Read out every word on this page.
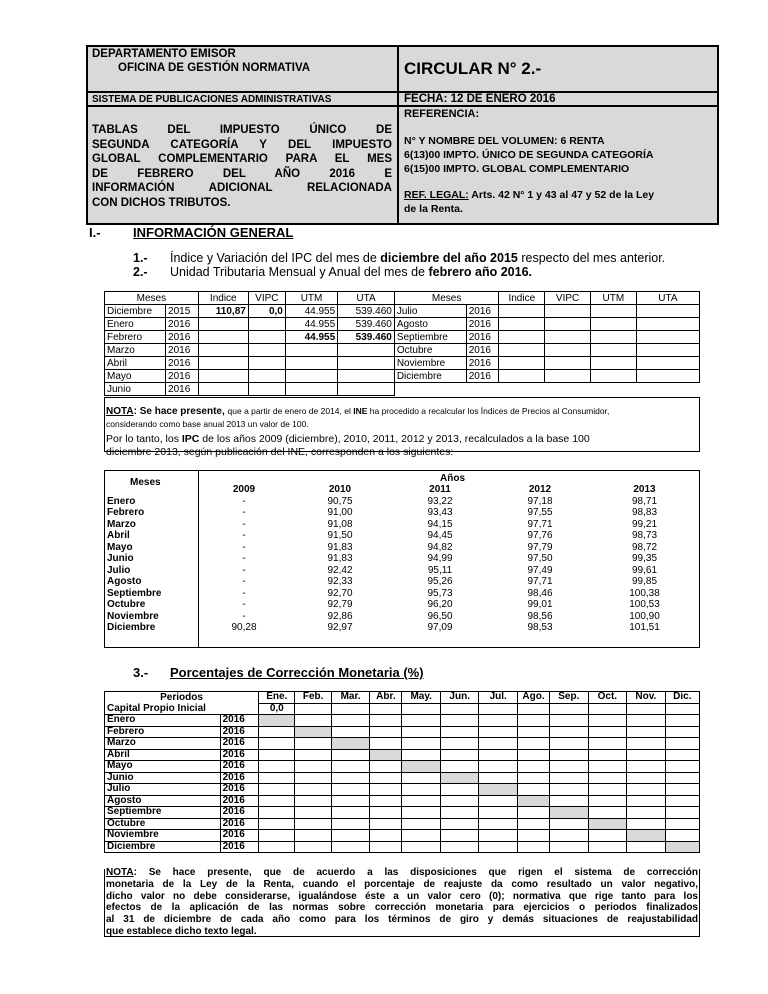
DEPARTAMENTO EMISOR
OFICINA DE GESTIÓN NORMATIVA	CIRCULAR N° 2.-
SISTEMA DE PUBLICACIONES ADMINISTRATIVAS	FECHA: 12 DE ENERO 2016
TABLAS DEL IMPUESTO ÚNICO DE
SEGUNDA CATEGORÍA Y DEL IMPUESTO
GLOBAL COMPLEMENTARIO PARA EL MES
DE FEBRERO DEL AÑO 2016 E
INFORMACIÓN ADICIONAL RELACIONADA
CON DICHOS TRIBUTOS.
REFERENCIA:
N° Y NOMBRE DEL VOLUMEN: 6 RENTA
6(13)00 IMPTO. ÚNICO DE SEGUNDA CATEGORÍA
6(15)00 IMPTO. GLOBAL COMPLEMENTARIO
REF. LEGAL: Arts. 42 N° 1 y 43 al 47 y 52 de la Ley
de la Renta.
I.- INFORMACIÓN GENERAL
1.- Índice y Variación del IPC del mes de diciembre del año 2015 respecto del mes anterior.
2.- Unidad Tributaria Mensual y Anual del mes de febrero año 2016.
Meses		Indice	VIPC	UTM	UTA	Meses		Indice	VIPC	UTM	UTA
Diciembre	2015	110,87	0,0	44.955	539.460	Julio	2016				
Enero	2016			44.955	539.460	Agosto	2016				
Febrero	2016			44.955	539.460	Septiembre	2016				
Marzo	2016					Octubre	2016				
Abril	2016					Noviembre	2016				
Mayo	2016					Diciembre	2016				
Junio	2016										
NOTA: Se hace presente, que a partir de enero de 2014, el INE ha procedido a recalcular los Índices de Precios al Consumidor,
considerando como base anual 2013 un valor de 100.
Por lo tanto, los IPC de los años 2009 (diciembre), 2010, 2011, 2012 y 2013, recalculados a la base 100
diciembre 2013, según publicación del INE, corresponden a los siguientes:
Meses	Años
	2009	2010	2011	2012	2013
Enero	-	90,75	93,22	97,18	98,71
Febrero	-	91,00	93,43	97,55	98,83
Marzo	-	91,08	94,15	97,71	99,21
Abril	-	91,50	94,45	97,76	98,73
Mayo	-	91,83	94,82	97,79	98,72
Junio	-	91,83	94,99	97,50	99,35
Julio	-	92,42	95,11	97,49	99,61
Agosto	-	92,33	95,26	97,71	99,85
Septiembre	-	92,70	95,73	98,46	100,38
Octubre	-	92,79	96,20	99,01	100,53
Noviembre	-	92,86	96,50	98,56	100,90
Diciembre	90,28	92,97	97,09	98,53	101,51
3.- Porcentajes de Corrección Monetaria (%)
Periodos		Ene.	Feb.	Mar.	Abr.	May.	Jun.	Jul.	Ago.	Sep.	Oct.	Nov.	Dic.
Capital Propio Inicial		0,0											
Enero	2016												
Febrero	2016												
Marzo	2016												
Abril	2016												
Mayo	2016												
Junio	2016												
Julio	2016												
Agosto	2016												
Septiembre	2016												
Octubre	2016												
Noviembre	2016												
Diciembre	2016												
NOTA: Se hace presente, que de acuerdo a las disposiciones que rigen el sistema de corrección
monetaria de la Ley de la Renta, cuando el porcentaje de reajuste da como resultado un valor negativo,
dicho valor no debe considerarse, igualándose éste a un valor cero (0); normativa que rige tanto para los
efectos de la aplicación de las normas sobre corrección monetaria para ejercicios o periodos finalizados
al 31 de diciembre de cada año como para los términos de giro y demás situaciones de reajustabilidad
que establece dicho texto legal.
